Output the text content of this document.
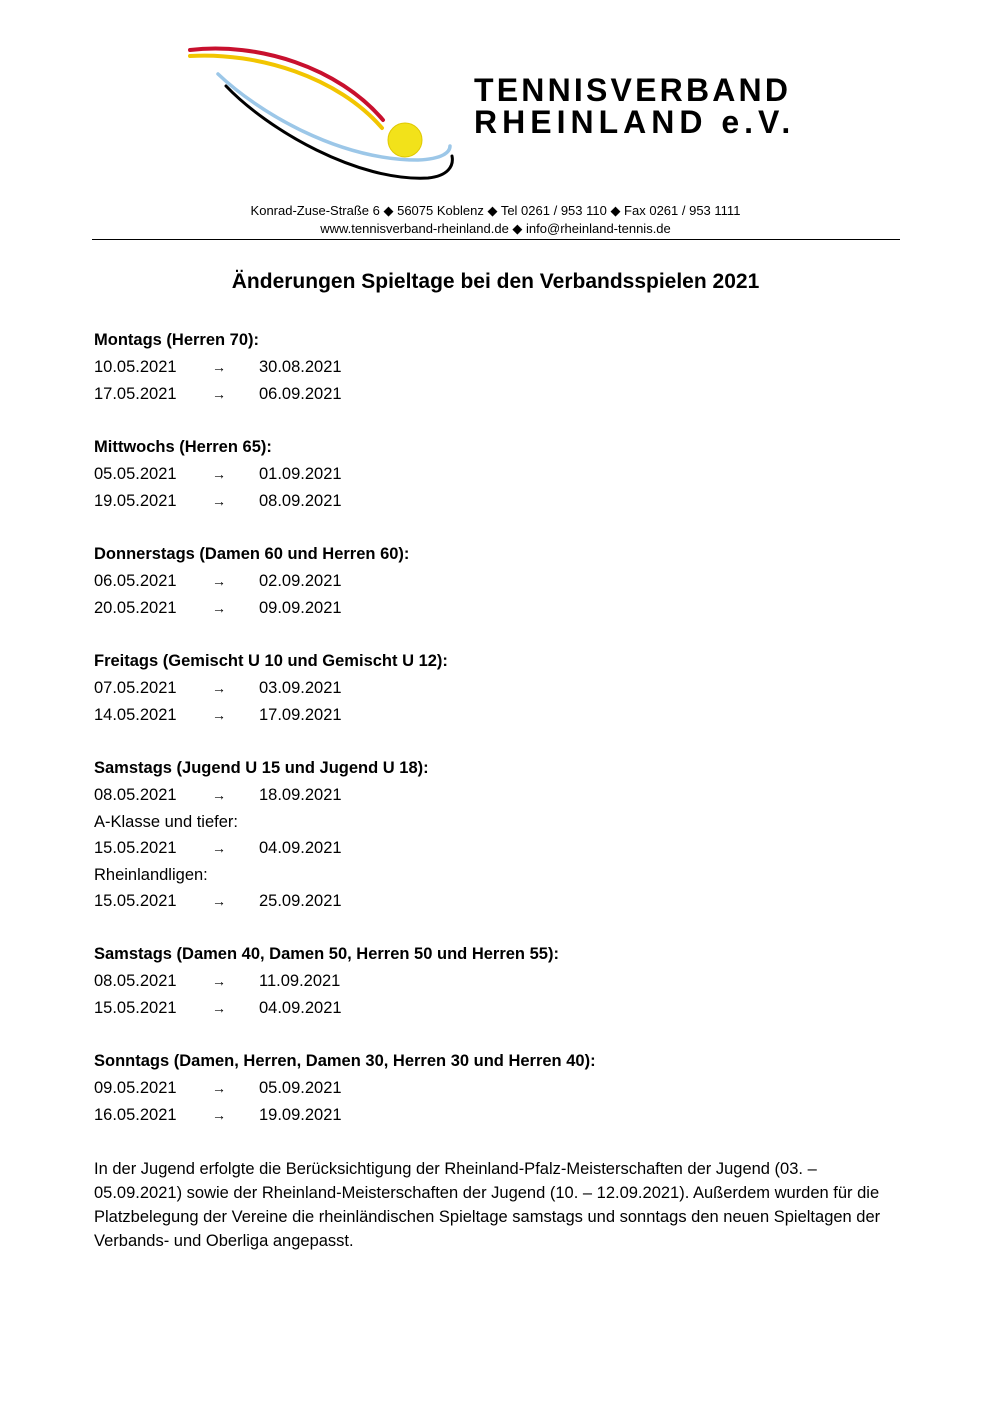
TENNISVERBAND
RHEINLAND e.V.
Konrad-Zuse-Straße 6 ◆ 56075 Koblenz ◆ Tel 0261 / 953 110 ◆ Fax 0261 / 953 1111
www.tennisverband-rheinland.de ◆ info@rheinland-tennis.de
Änderungen Spieltage bei den Verbandsspielen 2021
Montags (Herren 70):
10.05.2021	→ 30.08.2021
17.05.2021	→ 06.09.2021
Mittwochs (Herren 65):
05.05.2021	→ 01.09.2021
19.05.2021	→ 08.09.2021
Donnerstags (Damen 60 und Herren 60):
06.05.2021	→ 02.09.2021
20.05.2021	→ 09.09.2021
Freitags (Gemischt U 10 und Gemischt U 12):
07.05.2021	→ 03.09.2021
14.05.2021	→ 17.09.2021
Samstags (Jugend U 15 und Jugend U 18):
08.05.2021	→ 18.09.2021
A-Klasse und tiefer:
15.05.2021	→ 04.09.2021
Rheinlandligen:
15.05.2021	→ 25.09.2021
Samstags (Damen 40, Damen 50, Herren 50 und Herren 55):
08.05.2021	→ 11.09.2021
15.05.2021	→ 04.09.2021
Sonntags (Damen, Herren, Damen 30, Herren 30 und Herren 40):
09.05.2021	→ 05.09.2021
16.05.2021	→ 19.09.2021
In der Jugend erfolgte die Berücksichtigung der Rheinland-Pfalz-Meisterschaften der Jugend (03. – 05.09.2021) sowie der Rheinland-Meisterschaften der Jugend (10. – 12.09.2021). Außerdem wurden für die Platzbelegung der Vereine die rheinländischen Spieltage samstags und sonntags den neuen Spieltagen der Verbands- und Oberliga angepasst.
